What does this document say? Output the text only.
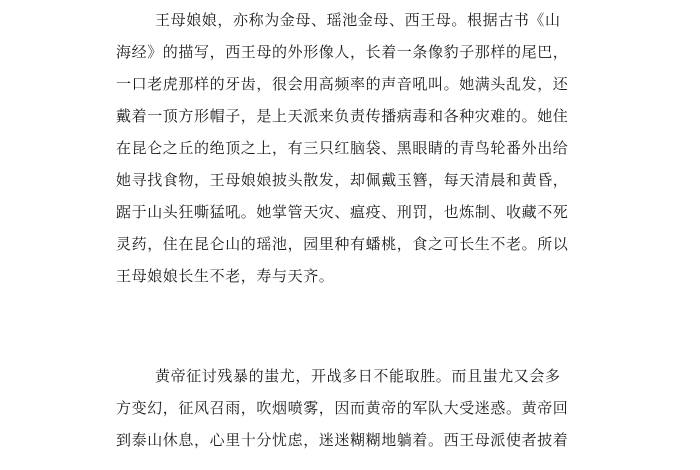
王母娘娘，亦称为金母、瑶池金母、西王母。根据古书《山
海经》的描写，西王母的外形像人，长着一条像豹子那样的尾巴，
一口老虎那样的牙齿，很会用高频率的声音吼叫。她满头乱发，还
戴着一顶方形帽子，是上天派来负责传播病毒和各种灾难的。她住
在昆仑之丘的绝顶之上，有三只红脑袋、黑眼睛的青鸟轮番外出给
她寻找食物，王母娘娘披头散发，却佩戴玉簪，每天清晨和黄昏，
踞于山头狂嘶猛吼。她掌管天灾、瘟疫、刑罚，也炼制、收藏不死
灵药，住在昆仑山的瑶池，园里种有蟠桃，食之可长生不老。所以
王母娘娘长生不老，寿与天齐。
黄帝征讨残暴的蚩尤，开战多日不能取胜。而且蚩尤又会多
方变幻，征风召雨，吹烟喷雾，因而黄帝的军队大受迷惑。黄帝回
到泰山休息，心里十分忧虑，迷迷糊糊地躺着。西王母派使者披着
